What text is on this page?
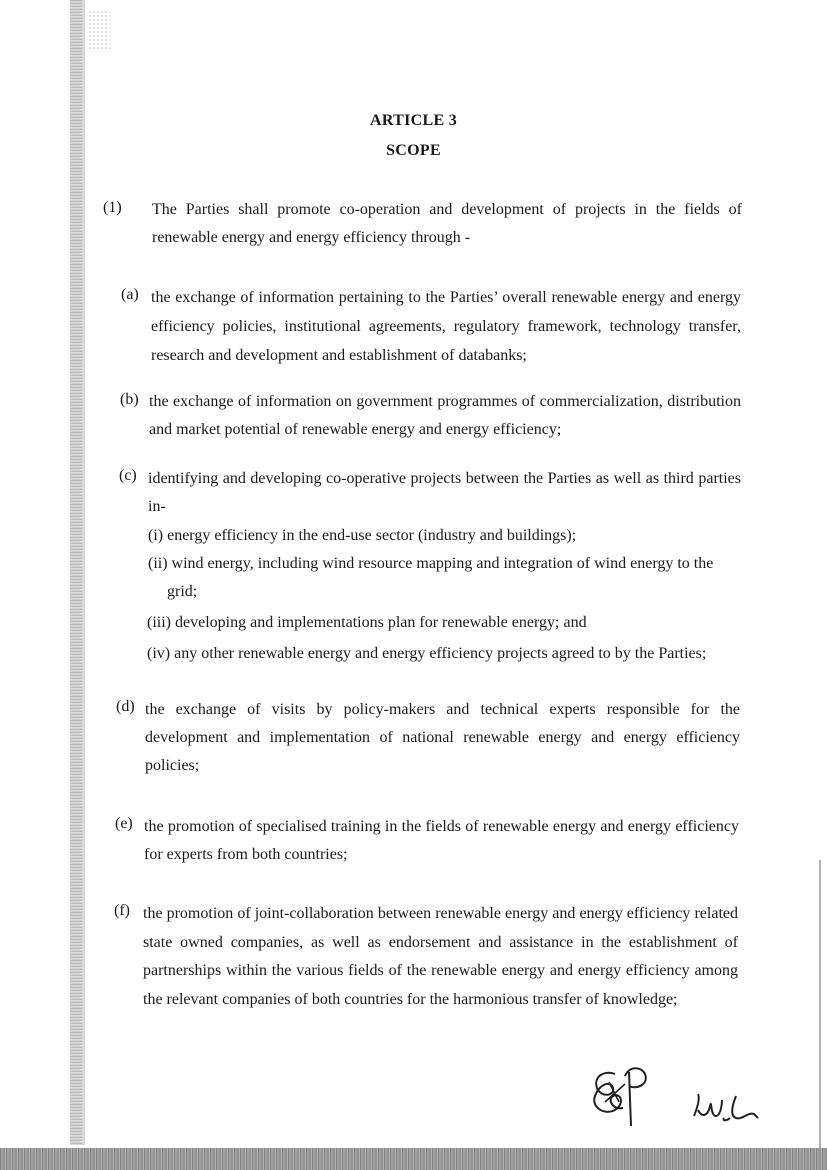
ARTICLE 3
SCOPE
(1) The Parties shall promote co-operation and development of projects in the fields of renewable energy and energy efficiency through -
(a) the exchange of information pertaining to the Parties’ overall renewable energy and energy efficiency policies, institutional agreements, regulatory framework, technology transfer, research and development and establishment of databanks;
(b) the exchange of information on government programmes of commercialization, distribution and market potential of renewable energy and energy efficiency;
(c) identifying and developing co-operative projects between the Parties as well as third parties in-
(i) energy efficiency in the end-use sector (industry and buildings);
(ii) wind energy, including wind resource mapping and integration of wind energy to the
grid;
(iii) developing and implementations plan for renewable energy; and
(iv) any other renewable energy and energy efficiency projects agreed to by the Parties;
(d) the exchange of visits by policy-makers and technical experts responsible for the development and implementation of national renewable energy and energy efficiency policies;
(e) the promotion of specialised training in the fields of renewable energy and energy efficiency for experts from both countries;
(f) the promotion of joint-collaboration between renewable energy and energy efficiency related state owned companies, as well as endorsement and assistance in the establishment of partnerships within the various fields of the renewable energy and energy efficiency among the relevant companies of both countries for the harmonious transfer of knowledge;
